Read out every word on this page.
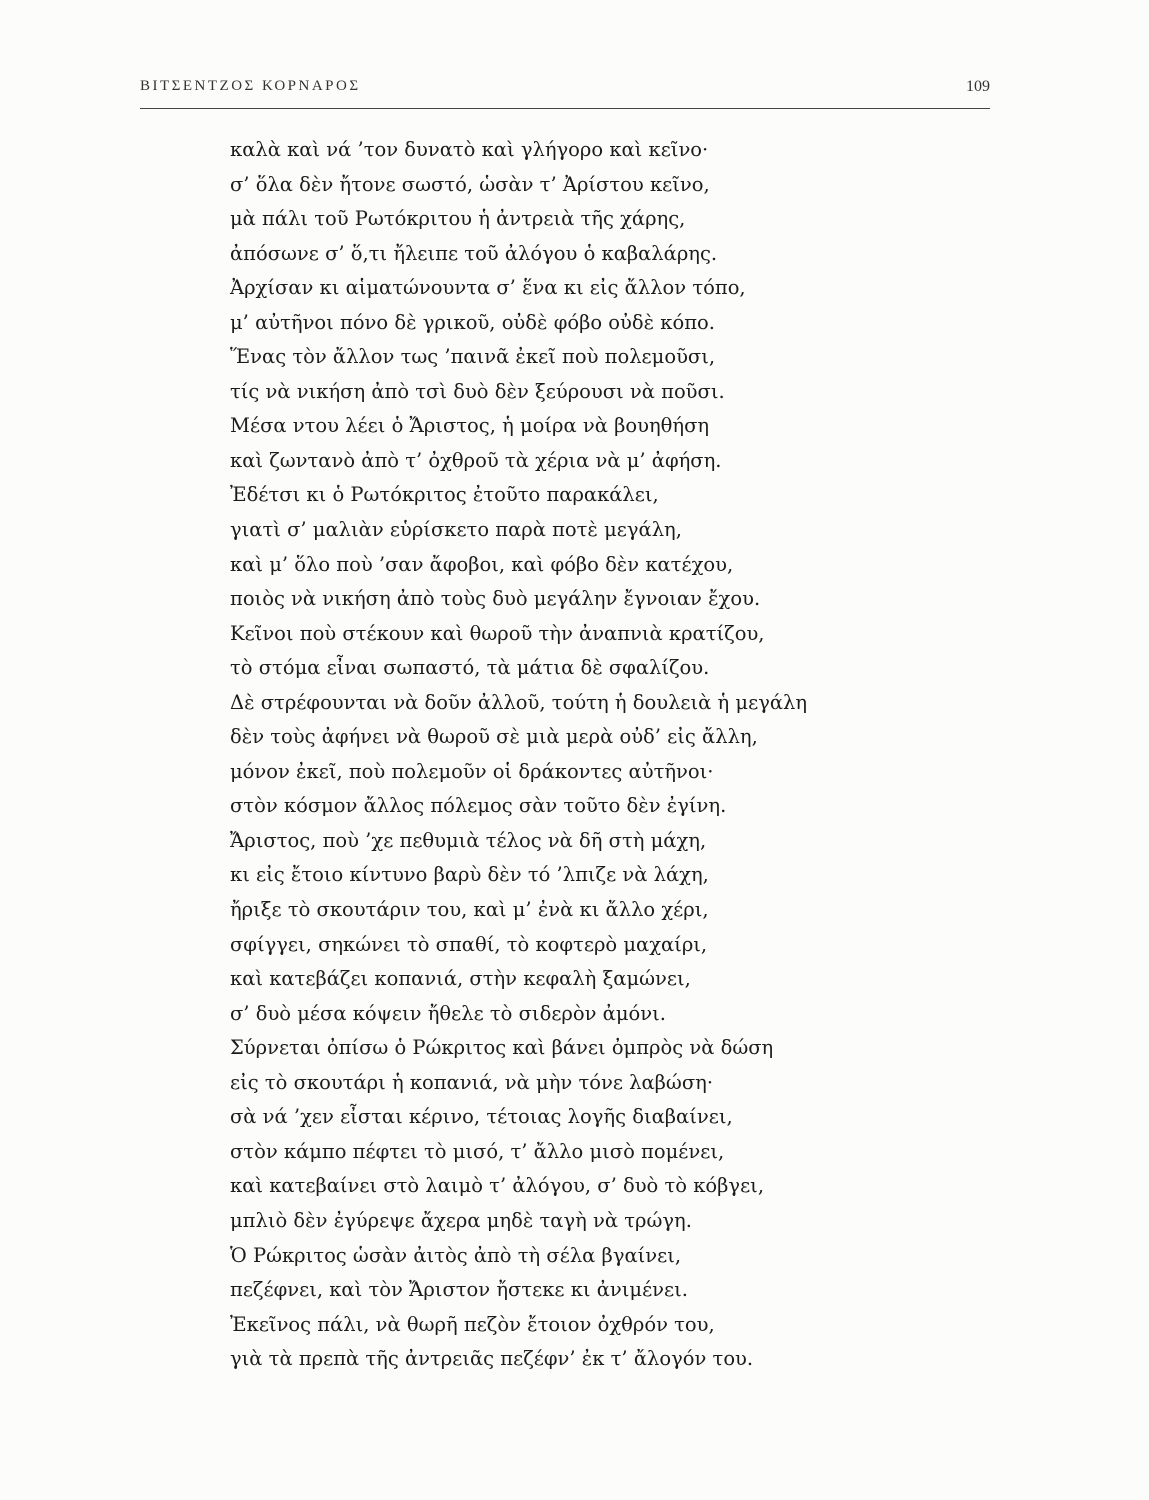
ΒΙΤΣΕΝΤΖΟΣ ΚΟΡΝΑΡΟΣ	109
καλὰ καὶ νά ’τον δυνατὸ καὶ γλήγορο καὶ κεῖνο·
σ’ ὅλα δὲν ἤτονε σωστό, ὡσὰν τ’ Ἀρίστου κεῖνο,
μὰ πάλι τοῦ Ρωτόκριτου ἡ ἀντρειὰ τῆς χάρης,
ἀπόσωνε σ’ ὅ,τι ἤλειπε τοῦ ἀλόγου ὁ καβαλάρης.
Ἀρχίσαν κι αἱματώνουντα σ’ ἕνα κι εἰς ἄλλον τόπο,
μ’ αὐτῆνοι πόνο δὲ γρικοῦ, οὐδὲ φόβο οὐδὲ κόπο.
Ἕνας τὸν ἄλλον τως ’παινᾶ ἐκεῖ ποὺ πολεμοῦσι,
τίς νὰ νικήση ἀπὸ τσὶ δυὸ δὲν ξεύρουσι νὰ ποῦσι.
Μέσα ντου λέει ὁ Ἄριστος, ἡ μοίρα νὰ βουηθήση
καὶ ζωντανὸ ἀπὸ τ’ ὀχθροῦ τὰ χέρια νὰ μ’ ἀφήση.
Ἐδέτσι κι ὁ Ρωτόκριτος ἐτοῦτο παρακάλει,
γιατὶ σ’ μαλιὰν εὑρίσκετο παρὰ ποτὲ μεγάλη,
καὶ μ’ ὅλο ποὺ ’σαν ἄφοβοι, καὶ φόβο δὲν κατέχου,
ποιὸς νὰ νικήση ἀπὸ τοὺς δυὸ μεγάλην ἔγνοιαν ἔχου.
Κεῖνοι ποὺ στέκουν καὶ θωροῦ τὴν ἀναπνιὰ κρατίζου,
τὸ στόμα εἶναι σωπαστό, τὰ μάτια δὲ σφαλίζου.
Δὲ στρέφουνται νὰ δοῦν ἀλλοῦ, τούτη ἡ δουλειὰ ἡ μεγάλη
δὲν τοὺς ἀφήνει νὰ θωροῦ σὲ μιὰ μερὰ οὐδ’ εἰς ἄλλη,
μόνον ἐκεῖ, ποὺ πολεμοῦν οἱ δράκοντες αὐτῆνοι·
στὸν κόσμον ἄλλος πόλεμος σὰν τοῦτο δὲν ἐγίνη.
Ἄριστος, ποὺ ’χε πεθυμιὰ τέλος νὰ δῆ στὴ μάχη,
κι εἰς ἔτοιο κίντυνο βαρὺ δὲν τό ’λπιζε νὰ λάχη,
ἤριξε τὸ σκουτάριν του, καὶ μ’ ἐνὰ κι ἄλλο χέρι,
σφίγγει, σηκώνει τὸ σπαθί, τὸ κοφτερὸ μαχαίρι,
καὶ κατεβάζει κοπανιά, στὴν κεφαλὴ ξαμώνει,
σ’ δυὸ μέσα κόψειν ἤθελε τὸ σιδερὸν ἀμόνι.
Σύρνεται ὀπίσω ὁ Ρώκριτος καὶ βάνει ὀμπρὸς νὰ δώση
εἰς τὸ σκουτάρι ἡ κοπανιά, νὰ μὴν τόνε λαβώση·
σὰ νά ’χεν εἶσται κέρινο, τέτοιας λογῆς διαβαίνει,
στὸν κάμπο πέφτει τὸ μισό, τ’ ἄλλο μισὸ πομένει,
καὶ κατεβαίνει στὸ λαιμὸ τ’ ἀλόγου, σ’ δυὸ τὸ κόβγει,
μπλιὸ δὲν ἐγύρεψε ἄχερα μηδὲ ταγὴ νὰ τρώγη.
Ὁ Ρώκριτος ὡσὰν ἀιτὸς ἀπὸ τὴ σέλα βγαίνει,
πεζέφνει, καὶ τὸν Ἄριστον ἤστεκε κι ἀνιμένει.
Ἐκεῖνος πάλι, νὰ θωρῆ πεζὸν ἔτοιον ὀχθρόν του,
γιὰ τὰ πρεπὰ τῆς ἀντρειᾶς πεζέφν’ ἐκ τ’ ἄλογόν του.
